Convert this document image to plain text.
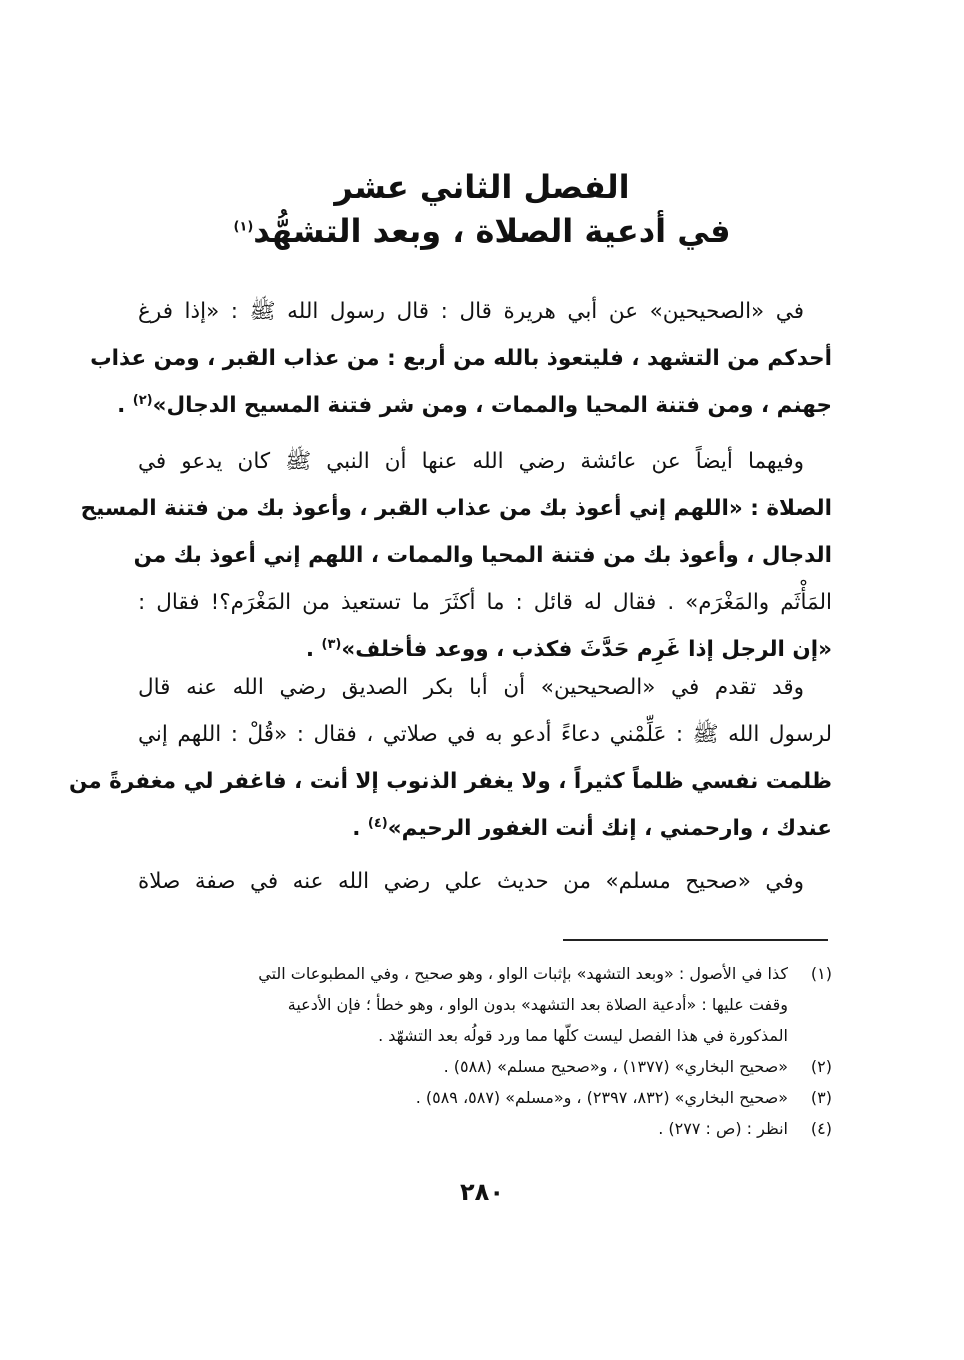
الفصل الثاني عشر
في أدعية الصلاة ، وبعد التشهُّد$^{(١)}$
في «الصحيحين» عن أبي هريرة قال : قال رسول الله ﷺ : «إذا فرغ
أحدكم من التشهد ، فليتعوذ بالله من أربع : من عذاب القبر ، ومن عذاب
جهنم ، ومن فتنة المحيا والممات ، ومن شر فتنة المسيح الدجال»$^{(٢)}$ .
وفيهما أيضاً عن عائشة رضي الله عنها أن النبي ﷺ كان يدعو في
الصلاة : «اللهم إني أعوذ بك من عذاب القبر ، وأعوذ بك من فتنة المسيح
الدجال ، وأعوذ بك من فتنة المحيا والممات ، اللهم إني أعوذ بك من
المَأْثَم والمَغْرَم» . فقال له قائل : ما أكثَرَ ما تستعيذ من المَغْرَم؟! فقال :
«إن الرجل إذا غَرِم حَدَّثَ فكذب ، ووعد فأخلف»$^{(٣)}$ .
وقد تقدم في «الصحيحين» أن أبا بكر الصديق رضي الله عنه قال
لرسول الله ﷺ : عَلِّمْني دعاءً أدعو به في صلاتي ، فقال : «قُلْ : اللهم إني
ظلمت نفسي ظلماً كثيراً ، ولا يغفر الذنوب إلا أنت ، فاغفر لي مغفرةً من
عندك ، وارحمني ، إنك أنت الغفور الرحيم»$^{(٤)}$ .
وفي «صحيح مسلم» من حديث علي رضي الله عنه في صفة صلاة
(١)
كذا في الأصول : «وبعد التشهد» بإثبات الواو ، وهو صحيح ، وفي المطبوعات التي
وقفت عليها : «أدعية الصلاة بعد التشهد» بدون الواو ، وهو خطأ ؛ فإن الأدعية
المذكورة في هذا الفصل ليست كلّها مما ورد قولُه بعد التشهّد .
(٢)
«صحيح البخاري» (١٣٧٧) ، و«صحيح مسلم» (٥٨٨) .
(٣)
«صحيح البخاري» (٨٣٢، ٢٣٩٧) ، و«مسلم» (٥٨٧، ٥٨٩) .
(٤)
انظر : (ص : ٢٧٧) .
٢٨٠
